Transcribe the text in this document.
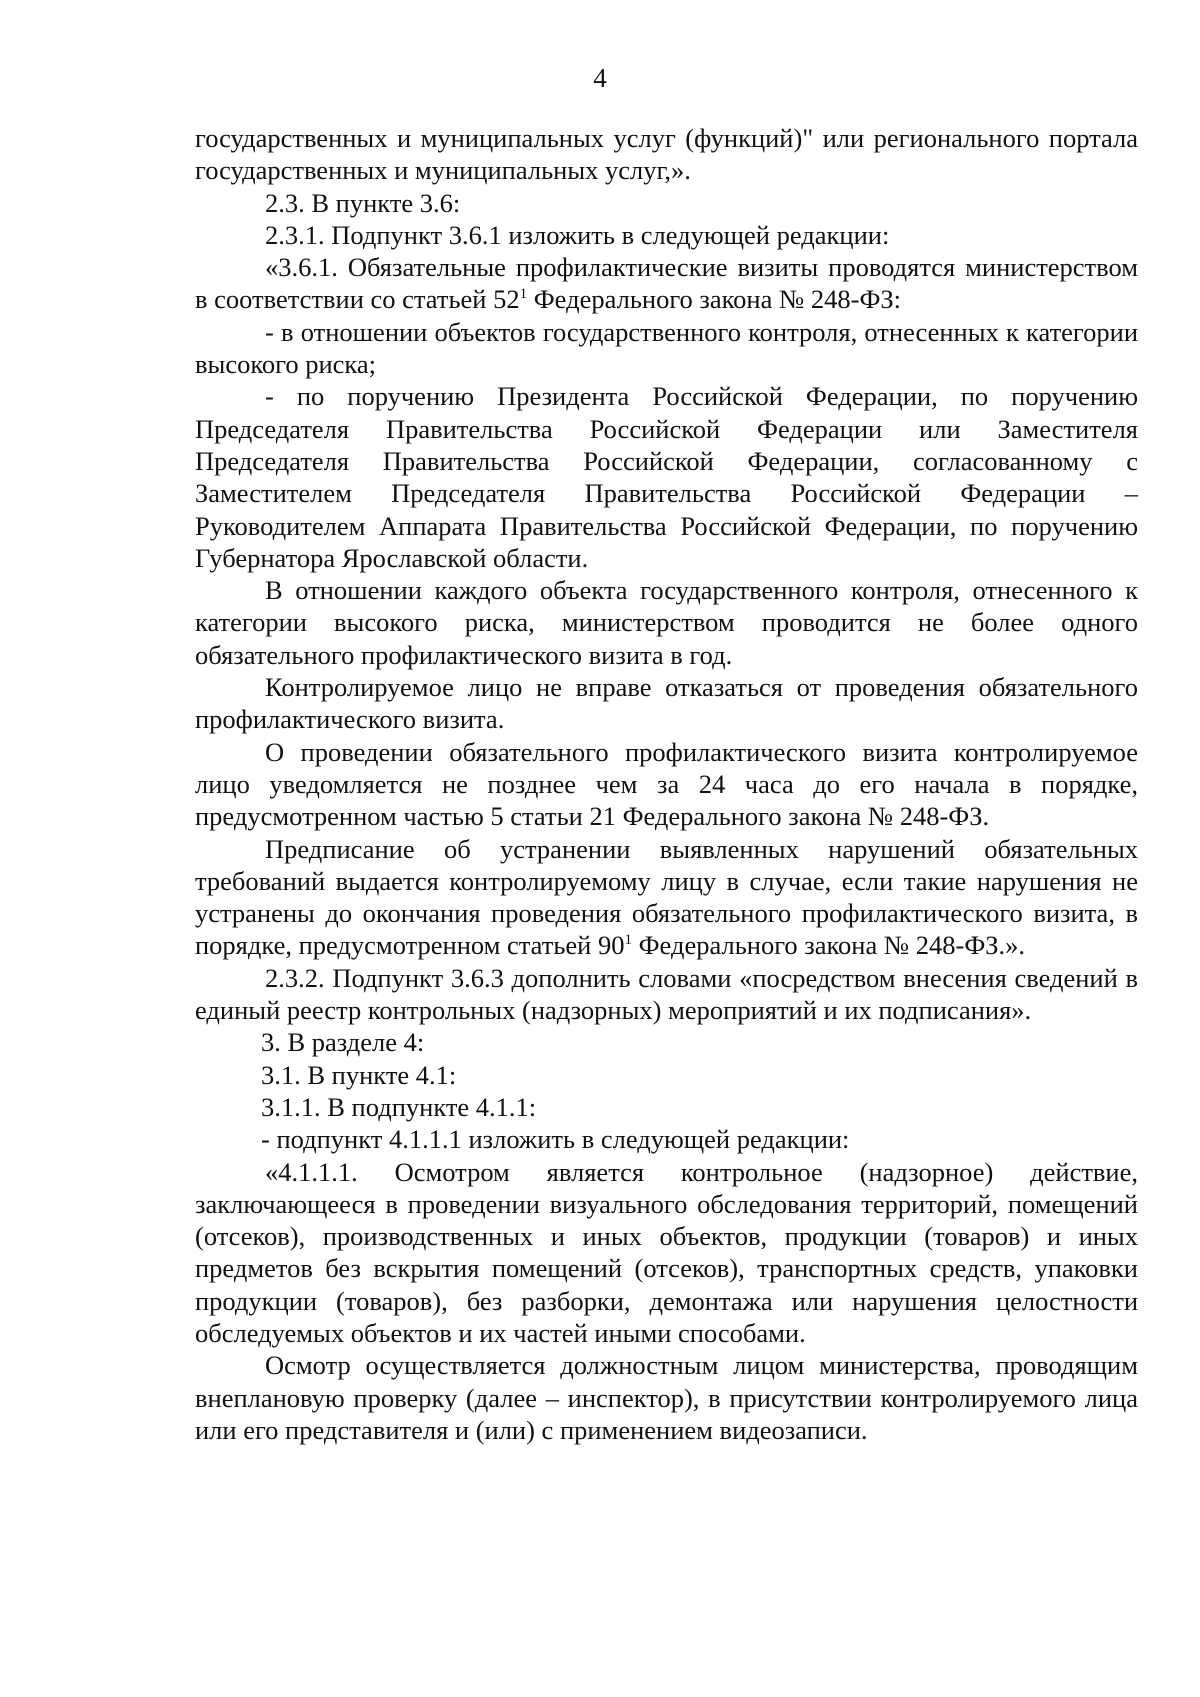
4

государственных и муниципальных услуг (функций)" или регионального портала государственных и муниципальных услуг,».

2.3. В пункте 3.6:

2.3.1. Подпункт 3.6.1 изложить в следующей редакции:

«3.6.1. Обязательные профилактические визиты проводятся министерством в соответствии со статьей $52^1$ Федерального закона № 248-ФЗ:

- в отношении объектов государственного контроля, отнесенных к категории высокого риска;

- по поручению Президента Российской Федерации, по поручению Председателя Правительства Российской Федерации или Заместителя Председателя Правительства Российской Федерации, согласованному с Заместителем Председателя Правительства Российской Федерации – Руководителем Аппарата Правительства Российской Федерации, по поручению Губернатора Ярославской области.

В отношении каждого объекта государственного контроля, отнесенного к категории высокого риска, министерством проводится не более одного обязательного профилактического визита в год.

Контролируемое лицо не вправе отказаться от проведения обязательного профилактического визита.

О проведении обязательного профилактического визита контролируемое лицо уведомляется не позднее чем за 24 часа до его начала в порядке, предусмотренном частью 5 статьи 21 Федерального закона № 248-ФЗ.

Предписание об устранении выявленных нарушений обязательных требований выдается контролируемому лицу в случае, если такие нарушения не устранены до окончания проведения обязательного профилактического визита, в порядке, предусмотренном статьей $90^1$ Федерального закона № 248-ФЗ.».

2.3.2. Подпункт 3.6.3 дополнить словами «посредством внесения сведений в единый реестр контрольных (надзорных) мероприятий и их подписания».

3. В разделе 4:

3.1. В пункте 4.1:

3.1.1. В подпункте 4.1.1:

- подпункт 4.1.1.1 изложить в следующей редакции:

«4.1.1.1. Осмотром является контрольное (надзорное) действие, заключающееся в проведении визуального обследования территорий, помещений (отсеков), производственных и иных объектов, продукции (товаров) и иных предметов без вскрытия помещений (отсеков), транспортных средств, упаковки продукции (товаров), без разборки, демонтажа или нарушения целостности обследуемых объектов и их частей иными способами.

Осмотр осуществляется должностным лицом министерства, проводящим внеплановую проверку (далее – инспектор), в присутствии контролируемого лица или его представителя и (или) с применением видеозаписи.
